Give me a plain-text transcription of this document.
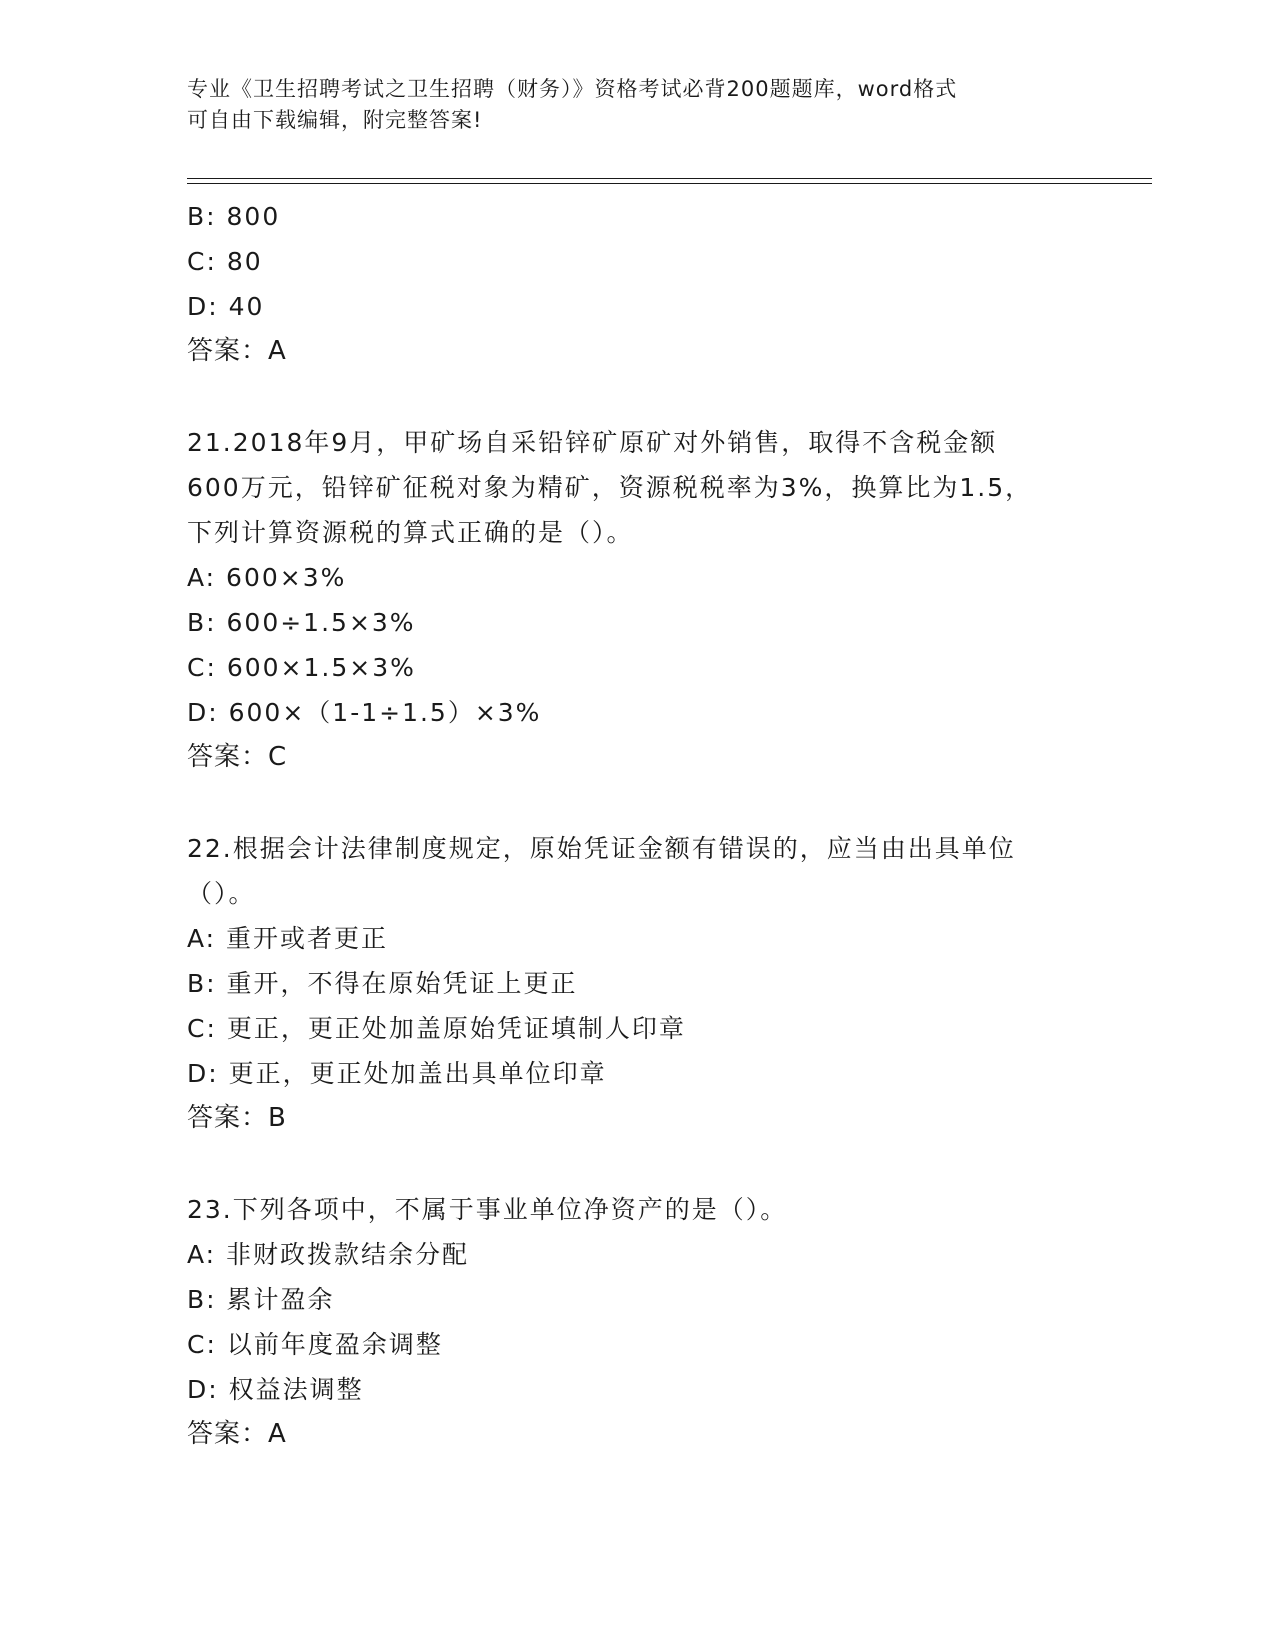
专业《卫生招聘考试之卫生招聘（财务）》资格考试必背200题题库，word格式
可自由下载编辑，附完整答案!
B: 800
C: 80
D: 40
答案：A
21.2018年9月，甲矿场自采铅锌矿原矿对外销售，取得不含税金额
600万元，铅锌矿征税对象为精矿，资源税税率为3%，换算比为1.5，
下列计算资源税的算式正确的是（）。
A: 600×3%
B: 600÷1.5×3%
C: 600×1.5×3%
D: 600×（1-1÷1.5）×3%
答案：C
22.根据会计法律制度规定，原始凭证金额有错误的，应当由出具单位
（）。
A: 重开或者更正
B: 重开，不得在原始凭证上更正
C: 更正，更正处加盖原始凭证填制人印章
D: 更正，更正处加盖出具单位印章
答案：B
23.下列各项中，不属于事业单位净资产的是（）。
A: 非财政拨款结余分配
B: 累计盈余
C: 以前年度盈余调整
D: 权益法调整
答案：A
